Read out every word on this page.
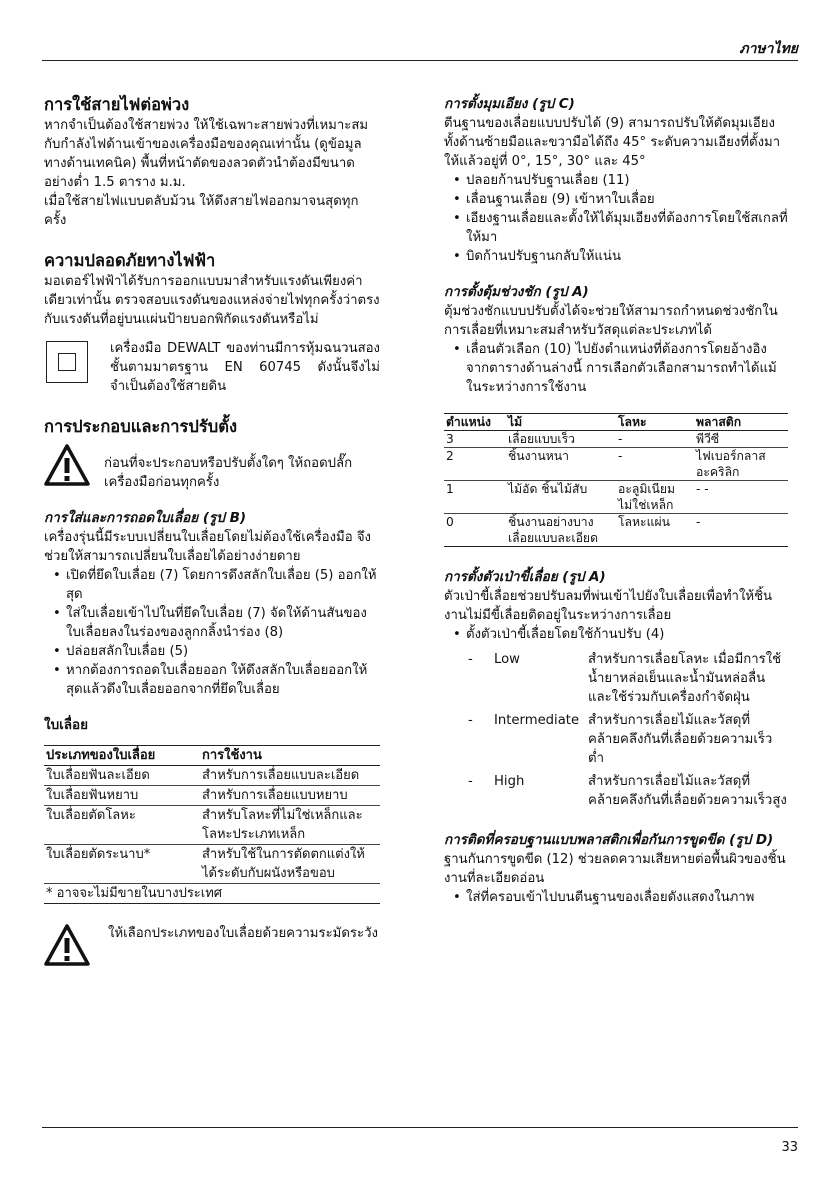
ภาษาไทย
การใช้สายไฟต่อพ่วง

หากจำเป็นต้องใช้สายพ่วง ให้ใช้เฉพาะสายพ่วงที่เหมาะสมกับกำลังไฟด้านเข้าของเครื่องมือของคุณเท่านั้น (ดูข้อมูลทางด้านเทคนิค) พื้นที่หน้าตัดของลวดตัวนำต้องมีขนาดอย่างต่ำ 1.5 ตาราง ม.ม.

เมื่อใช้สายไฟแบบตลับม้วน ให้ดึงสายไฟออกมาจนสุดทุกครั้ง

ความปลอดภัยทางไฟฟ้า

มอเตอร์ไฟฟ้าได้รับการออกแบบมาสำหรับแรงดันเพียงค่าเดียวเท่านั้น ตรวจสอบแรงดันของแหล่งจ่ายไฟทุกครั้งว่าตรงกับแรงดันที่อยู่บนแผ่นป้ายบอกพิกัดแรงดันหรือไม่

เครื่องมือ DEWALT ของท่านมีการหุ้มฉนวนสองชั้นตามมาตรฐาน EN 60745 ดังนั้นจึงไม่จำเป็นต้องใช้สายดิน

การประกอบและการปรับตั้ง

ก่อนที่จะประกอบหรือปรับตั้งใดๆ ให้ถอดปลั๊กเครื่องมือก่อนทุกครั้ง

การใส่และการถอดใบเลื่อย (รูป B)

เครื่องรุ่นนี้มีระบบเปลี่ยนใบเลื่อยโดยไม่ต้องใช้เครื่องมือ จึงช่วยให้สามารถเปลี่ยนใบเลื่อยได้อย่างง่ายดาย

• เปิดที่ยึดใบเลื่อย (7) โดยการดึงสลักใบเลื่อย (5) ออกให้สุด
• ใส่ใบเลื่อยเข้าไปในที่ยึดใบเลื่อย (7) จัดให้ด้านสันของใบเลื่อยลงในร่องของลูกกลิ้งนำร่อง (8)
• ปล่อยสลักใบเลื่อย (5)
• หากต้องการถอดใบเลื่อยออก ให้ดึงสลักใบเลื่อยออกให้สุดแล้วดึงใบเลื่อยออกจากที่ยึดใบเลื่อย
ใบเลื่อย
ประเภทของใบเลื่อย	การใช้งาน
ใบเลื่อยฟันละเอียด	สำหรับการเลื่อยแบบละเอียด
ใบเลื่อยฟันหยาบ	สำหรับการเลื่อยแบบหยาบ
ใบเลื่อยตัดโลหะ	สำหรับโลหะที่ไม่ใช่เหล็กและโลหะประเภทเหล็ก
ใบเลื่อยตัดระนาบ*	สำหรับใช้ในการตัดตกแต่งให้ได้ระดับกับผนังหรือขอบ
* อาจจะไม่มีขายในบางประเทศ	

ให้เลือกประเภทของใบเลื่อยด้วยความระมัดระวัง

การตั้งมุมเอียง (รูป C)

ตีนฐานของเลื่อยแบบปรับได้ (9) สามารถปรับให้ตัดมุมเอียงทั้งด้านซ้ายมือและขวามือได้ถึง 45° ระดับความเอียงที่ตั้งมาให้แล้วอยู่ที่ 0°, 15°, 30° และ 45°

• ปลอยก้านปรับฐานเลื่อย (11)
• เลื่อนฐานเลื่อย (9) เข้าหาใบเลื่อย
• เอียงฐานเลื่อยและตั้งให้ได้มุมเอียงที่ต้องการโดยใช้สเกลที่ให้มา
• บิดก้านปรับฐานกลับให้แน่น
การตั้งตุ้มช่วงชัก (รูป A)

ตุ้มช่วงชักแบบปรับตั้งได้จะช่วยให้สามารถกำหนดช่วงชักในการเลื่อยที่เหมาะสมสำหรับวัสดุแต่ละประเภทได้

• เลื่อนตัวเลือก (10) ไปยังตำแหน่งที่ต้องการโดยอ้างอิงจากตารางด้านล่างนี้ การเลือกตัวเลือกสามารถทำได้แม้ในระหว่างการใช้งาน
ตำแหน่ง	ไม้	โลหะ	พลาสติก
3	เลื่อยแบบเร็ว	-	พีวีซี
2	ชิ้นงานหนา	-	ไฟเบอร์กลาส อะคริลิก
1	ไม้อัด ชิ้นไม้สับ	อะลูมิเนียม ไม่ใช่เหล็ก	- -
0	ชิ้นงานอย่างบาง เลื่อยแบบละเอียด	โลหะแผ่น	-
การตั้งตัวเป่าขี้เลื่อย (รูป A)

ตัวเป่าขี้เลื่อยช่วยปรับลมที่พ่นเข้าไปยังใบเลื่อยเพื่อทำให้ชิ้นงานไม่มีขี้เลื่อยติดอยู่ในระหว่างการเลื่อย

• ตั้งตัวเป่าขี้เลื่อยโดยใช้ก้านปรับ (4)
-	Low	สำหรับการเลื่อยโลหะ เมื่อมีการใช้น้ำยาหล่อเย็นและน้ำมันหล่อลื่น และใช้ร่วมกับเครื่องกำจัดฝุ่น
-	Intermediate สำหรับการเลื่อยไม้และวัสดุที่คล้ายคลึงกันที่เลื่อยด้วยความเร็วต่ำ
-	High	สำหรับการเลื่อยไม้และวัสดุที่คล้ายคลึงกันที่เลื่อยด้วยความเร็วสูง
การติดที่ครอบฐานแบบพลาสติกเพื่อกันการขูดขีด (รูป D)

ฐานกันการขูดขีด (12) ช่วยลดความเสียหายต่อพื้นผิวของชิ้นงานที่ละเอียดอ่อน

• ใส่ที่ครอบเข้าไปบนตีนฐานของเลื่อยดังแสดงในภาพ
33
